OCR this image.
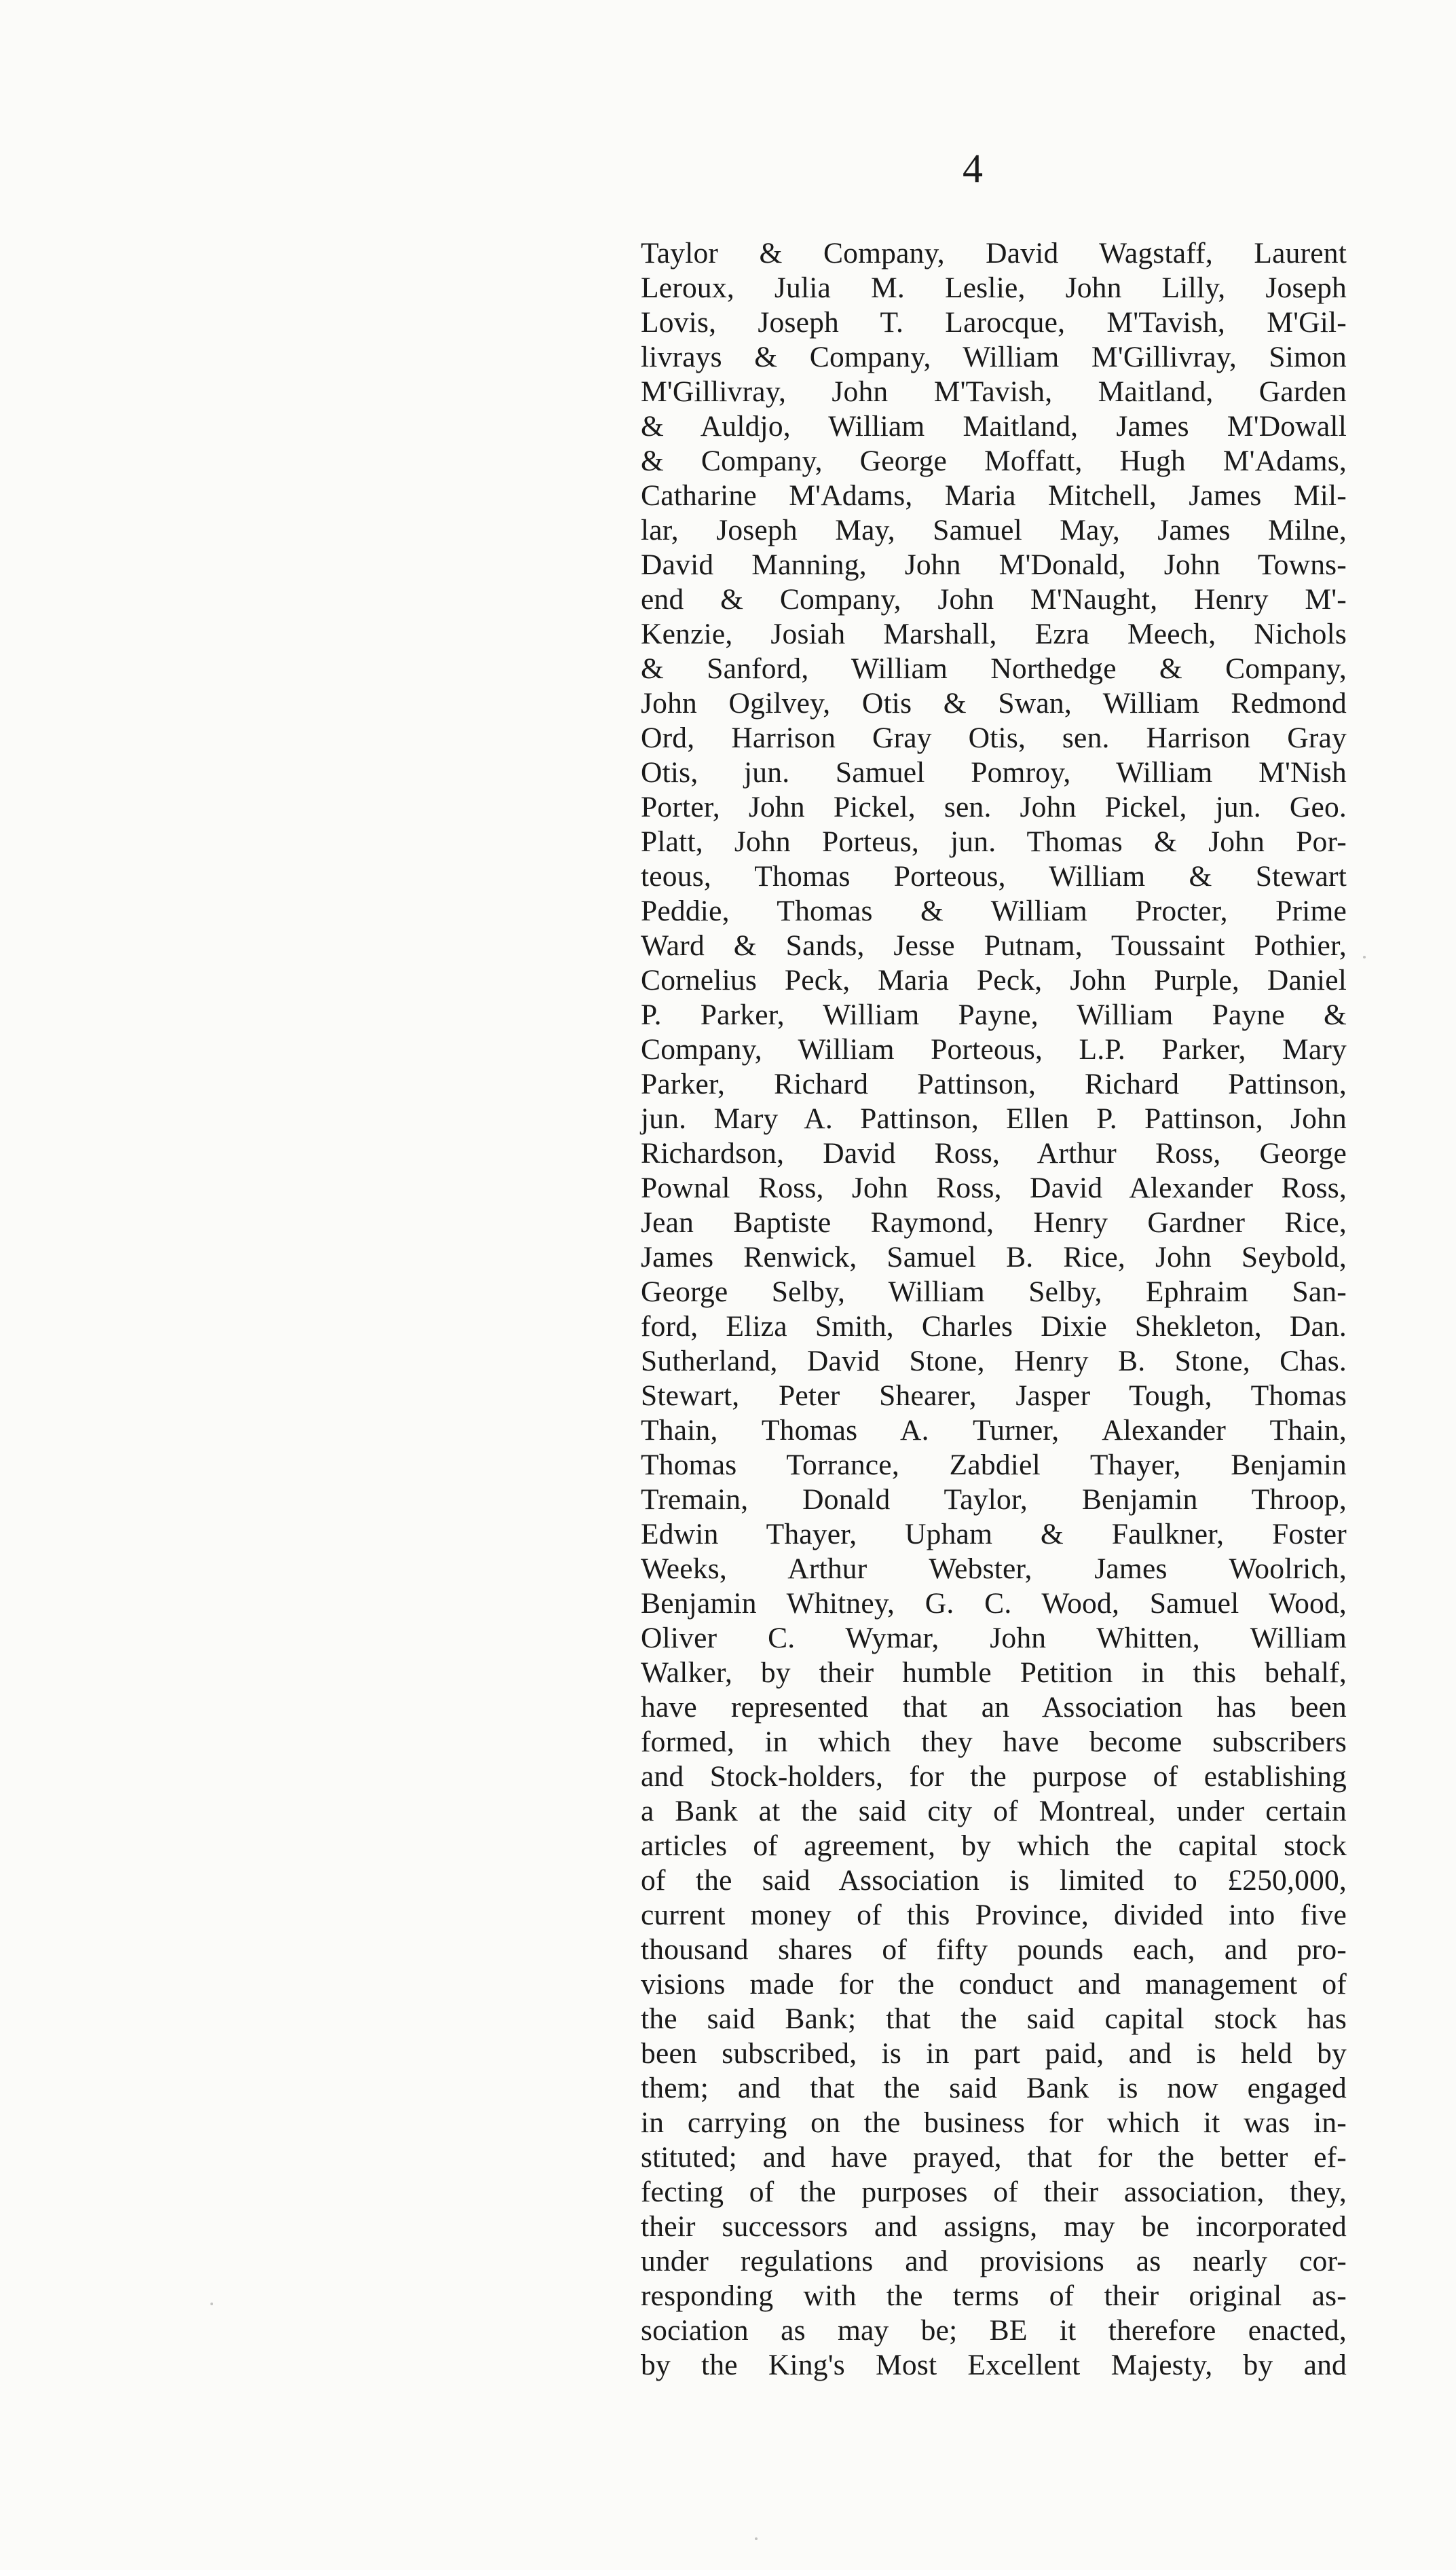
4
Taylor & Company, David Wagstaff, Laurent
Leroux, Julia M. Leslie, John Lilly, Joseph
Lovis, Joseph T. Larocque, M'Tavish, M'Gil-
livrays & Company, William M'Gillivray, Simon
M'Gillivray, John M'Tavish, Maitland, Garden
& Auldjo, William Maitland, James M'Dowall
& Company, George Moffatt, Hugh M'Adams,
Catharine M'Adams, Maria Mitchell, James Mil-
lar, Joseph May, Samuel May, James Milne,
David Manning, John M'Donald, John Towns-
end & Company, John M'Naught, Henry M'-
Kenzie, Josiah Marshall, Ezra Meech, Nichols
& Sanford, William Northedge & Company,
John Ogilvey, Otis & Swan, William Redmond
Ord, Harrison Gray Otis, sen. Harrison Gray
Otis, jun. Samuel Pomroy, William M'Nish
Porter, John Pickel, sen. John Pickel, jun. Geo.
Platt, John Porteus, jun. Thomas & John Por-
teous, Thomas Porteous, William & Stewart
Peddie, Thomas & William Procter, Prime
Ward & Sands, Jesse Putnam, Toussaint Pothier,
Cornelius Peck, Maria Peck, John Purple, Daniel
P. Parker, William Payne, William Payne &
Company, William Porteous, L.P. Parker, Mary
Parker, Richard Pattinson, Richard Pattinson,
jun. Mary A. Pattinson, Ellen P. Pattinson, John
Richardson, David Ross, Arthur Ross, George
Pownal Ross, John Ross, David Alexander Ross,
Jean Baptiste Raymond, Henry Gardner Rice,
James Renwick, Samuel B. Rice, John Seybold,
George Selby, William Selby, Ephraim San-
ford, Eliza Smith, Charles Dixie Shekleton, Dan.
Sutherland, David Stone, Henry B. Stone, Chas.
Stewart, Peter Shearer, Jasper Tough, Thomas
Thain, Thomas A. Turner, Alexander Thain,
Thomas Torrance, Zabdiel Thayer, Benjamin
Tremain, Donald Taylor, Benjamin Throop,
Edwin Thayer, Upham & Faulkner, Foster
Weeks, Arthur Webster, James Woolrich,
Benjamin Whitney, G. C. Wood, Samuel Wood,
Oliver C. Wymar, John Whitten, William
Walker, by their humble Petition in this behalf,
have represented that an Association has been
formed, in which they have become subscribers
and Stock-holders, for the purpose of establishing
a Bank at the said city of Montreal, under certain
articles of agreement, by which the capital stock
of the said Association is limited to £250,000,
current money of this Province, divided into five
thousand shares of fifty pounds each, and pro-
visions made for the conduct and management of
the said Bank; that the said capital stock has
been subscribed, is in part paid, and is held by
them; and that the said Bank is now engaged
in carrying on the business for which it was in-
stituted; and have prayed, that for the better ef-
fecting of the purposes of their association, they,
their successors and assigns, may be incorporated
under regulations and provisions as nearly cor-
responding with the terms of their original as-
sociation as may be; BE it therefore enacted,
by the King's Most Excellent Majesty, by and
